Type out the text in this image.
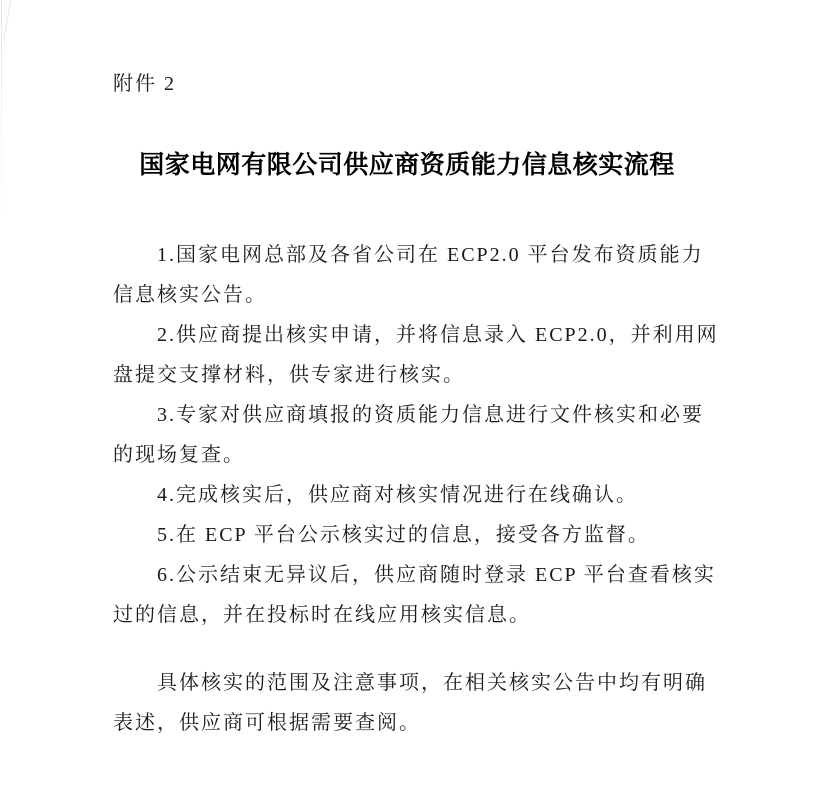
附件 2
国家电网有限公司供应商资质能力信息核实流程
1.国家电网总部及各省公司在 ECP2.0 平台发布资质能力
信息核实公告。
2.供应商提出核实申请，并将信息录入 ECP2.0，并利用网
盘提交支撑材料，供专家进行核实。
3.专家对供应商填报的资质能力信息进行文件核实和必要
的现场复查。
4.完成核实后，供应商对核实情况进行在线确认。
5.在 ECP 平台公示核实过的信息，接受各方监督。
6.公示结束无异议后，供应商随时登录 ECP 平台查看核实
过的信息，并在投标时在线应用核实信息。
具体核实的范围及注意事项，在相关核实公告中均有明确
表述，供应商可根据需要查阅。
